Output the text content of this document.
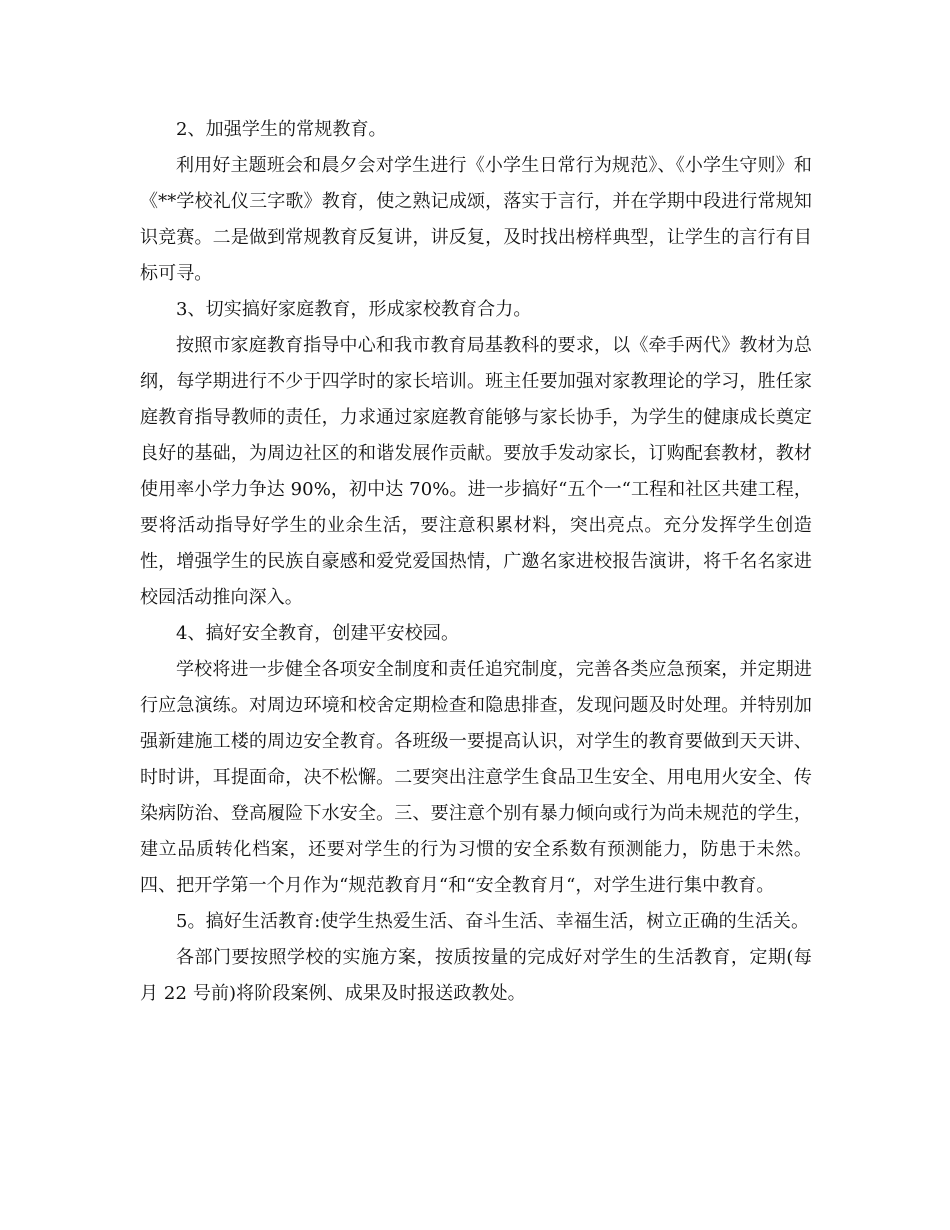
2、加强学生的常规教育。

利用好主题班会和晨夕会对学生进行《小学生日常行为规范》、《小学生守则》和《**学校礼仪三字歌》教育，使之熟记成颂，落实于言行，并在学期中段进行常规知识竞赛。二是做到常规教育反复讲，讲反复，及时找出榜样典型，让学生的言行有目标可寻。

3、切实搞好家庭教育，形成家校教育合力。

按照市家庭教育指导中心和我市教育局基教科的要求，以《牵手两代》教材为总纲，每学期进行不少于四学时的家长培训。班主任要加强对家教理论的学习，胜任家庭教育指导教师的责任，力求通过家庭教育能够与家长协手，为学生的健康成长奠定良好的基础，为周边社区的和谐发展作贡献。要放手发动家长，订购配套教材，教材使用率小学力争达 90%，初中达 70%。进一步搞好“五个一“工程和社区共建工程，要将活动指导好学生的业余生活，要注意积累材料，突出亮点。充分发挥学生创造性，增强学生的民族自豪感和爱党爱国热情，广邀名家进校报告演讲，将千名名家进校园活动推向深入。

4、搞好安全教育，创建平安校园。

学校将进一步健全各项安全制度和责任追究制度，完善各类应急预案，并定期进行应急演练。对周边环境和校舍定期检查和隐患排查，发现问题及时处理。并特别加强新建施工楼的周边安全教育。各班级一要提高认识，对学生的教育要做到天天讲、时时讲，耳提面命，决不松懈。二要突出注意学生食品卫生安全、用电用火安全、传染病防治、登高履险下水安全。三、要注意个别有暴力倾向或行为尚未规范的学生，建立品质转化档案，还要对学生的行为习惯的安全系数有预测能力，防患于未然。四、把开学第一个月作为“规范教育月“和“安全教育月“，对学生进行集中教育。

5。搞好生活教育:使学生热爱生活、奋斗生活、幸福生活，树立正确的生活关。

各部门要按照学校的实施方案，按质按量的完成好对学生的生活教育，定期(每月 22 号前)将阶段案例、成果及时报送政教处。
